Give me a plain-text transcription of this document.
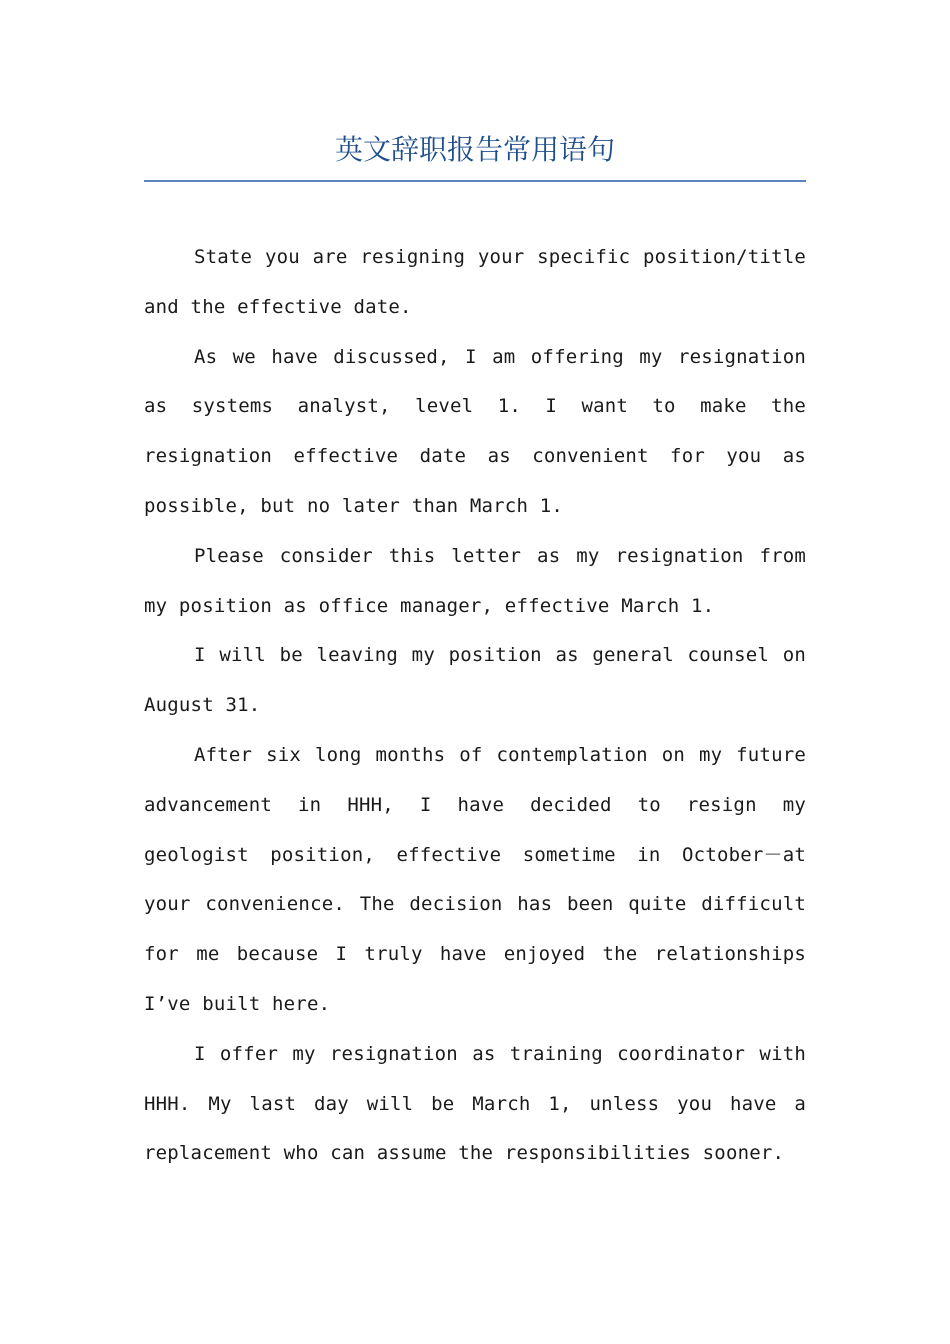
英文辞职报告常用语句

State you are resigning your specific position/title and the effective date.

As we have discussed, I am offering my resignation as systems analyst, level 1. I want to make the resignation effective date as convenient for you as possible, but no later than March 1.

Please consider this letter as my resignation from my position as office manager, effective March 1.

I will be leaving my position as general counsel on August 31.

After six long months of contemplation on my future advancement in HHH, I have decided to resign my geologist position, effective sometime in October－at your convenience. The decision has been quite difficult for me because I truly have enjoyed the relationships I’ve built here.

I offer my resignation as training coordinator with HHH. My last day will be March 1, unless you have a replacement who can assume the responsibilities sooner.
